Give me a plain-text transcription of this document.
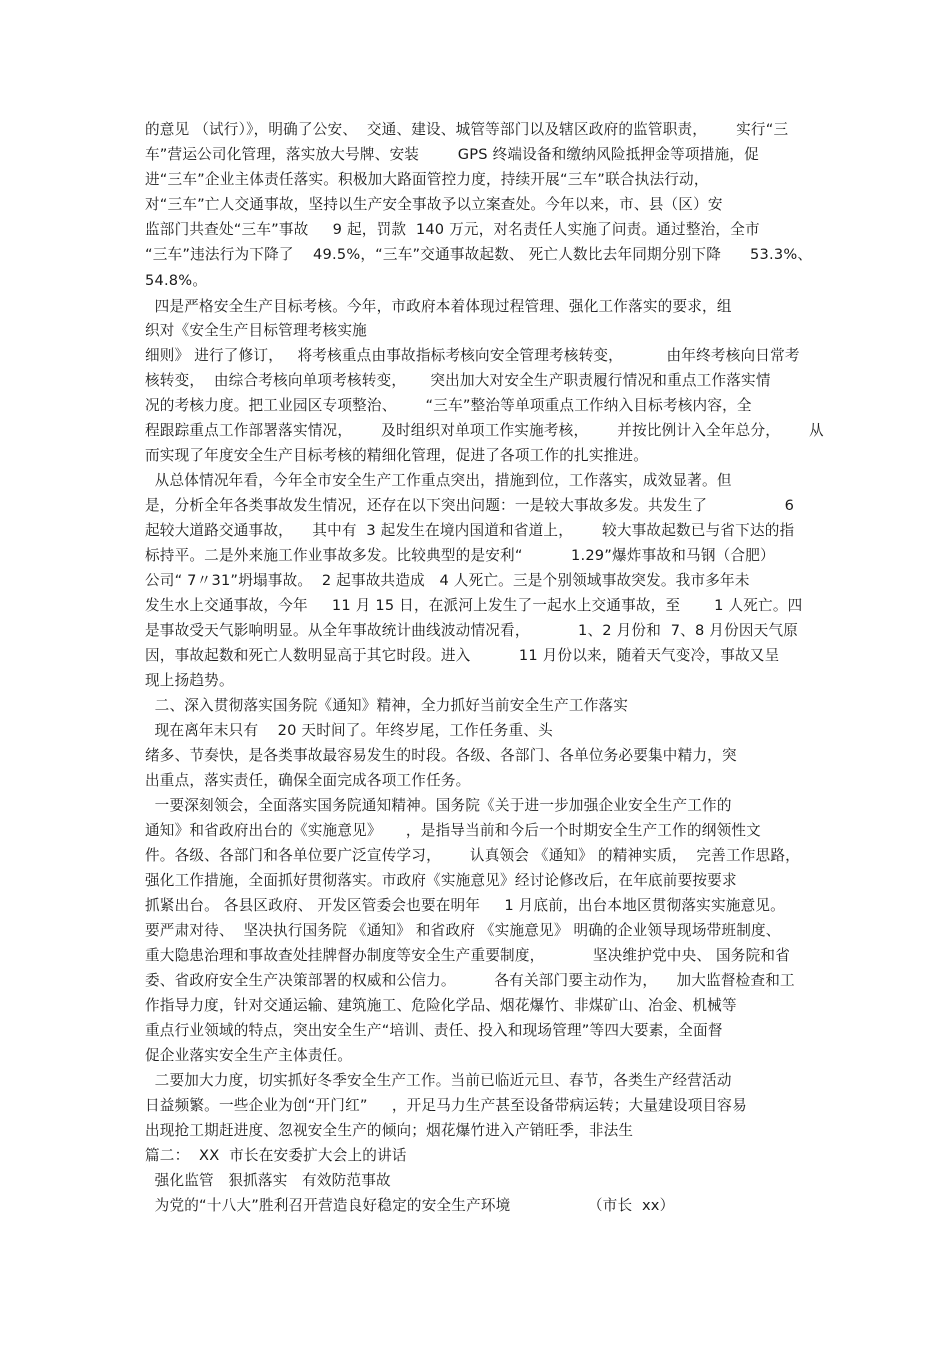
的意见 （试行）》，明确了公安、  交通、建设、城管等部门以及辖区政府的监管职责，      实行“三
车”营运公司化管理，落实放大号牌、安装        GPS 终端设备和缴纳风险抵押金等项措施，促
进“三车”企业主体责任落实。积极加大路面管控力度，持续开展“三车”联合执法行动，
对“三车”亡人交通事故，坚持以生产安全事故予以立案查处。今年以来，市、县（区）安
监部门共查处“三车”事故     9 起，罚款  140 万元，对名责任人实施了问责。通过整治，全市
“三车”违法行为下降了    49.5%，“三车”交通事故起数、 死亡人数比去年同期分别下降      53.3%、
54.8%。
四是严格安全生产目标考核。今年，市政府本着体现过程管理、强化工作落实的要求，组
织对《安全生产目标管理考核实施
细则》 进行了修订，   将考核重点由事故指标考核向安全管理考核转变，         由年终考核向日常考
核转变，  由综合考核向单项考核转变，     突出加大对安全生产职责履行情况和重点工作落实情
况的考核力度。把工业园区专项整治、      “三车”整治等单项重点工作纳入目标考核内容，全
程跟踪重点工作部署落实情况，      及时组织对单项工作实施考核，      并按比例计入全年总分，      从
而实现了年度安全生产目标考核的精细化管理，促进了各项工作的扎实推进。
从总体情况年看，今年全市安全生产工作重点突出，措施到位，工作落实，成效显著。但
是，分析全年各类事故发生情况，还存在以下突出问题：一是较大事故多发。共发生了                6
起较大道路交通事故，    其中有  3 起发生在境内国道和省道上，      较大事故起数已与省下达的指
标持平。二是外来施工作业事故多发。比较典型的是安利“          1.29”爆炸事故和马钢（合肥）
公司“ 7〃31”坍塌事故。  2 起事故共造成   4 人死亡。三是个别领域事故突发。我市多年未
发生水上交通事故，今年     11 月 15 日，在派河上发生了一起水上交通事故，至       1 人死亡。四
是事故受天气影响明显。从全年事故统计曲线波动情况看，          1、2 月份和  7、8 月份因天气原
因，事故起数和死亡人数明显高于其它时段。进入          11 月份以来，随着天气变冷，事故又呈
现上扬趋势。
二、深入贯彻落实国务院《通知》精神，全力抓好当前安全生产工作落实
现在离年末只有    20 天时间了。年终岁尾，工作任务重、头
绪多、节奏快，是各类事故最容易发生的时段。各级、各部门、各单位务必要集中精力，突
出重点，落实责任，确保全面完成各项工作任务。
一要深刻领会，全面落实国务院通知精神。国务院《关于进一步加强企业安全生产工作的
通知》和省政府出台的《实施意见》     ，是指导当前和今后一个时期安全生产工作的纲领性文
件。各级、各部门和各单位要广泛宣传学习，      认真领会 《通知》 的精神实质，  完善工作思路，
强化工作措施，全面抓好贯彻落实。市政府《实施意见》经讨论修改后，在年底前要按要求
抓紧出台。 各县区政府、 开发区管委会也要在明年     1 月底前，出台本地区贯彻落实实施意见。
要严肃对待、  坚决执行国务院 《通知》 和省政府 《实施意见》 明确的企业领导现场带班制度、
重大隐患治理和事故查处挂牌督办制度等安全生产重要制度，          坚决维护党中央、 国务院和省
委、省政府安全生产决策部署的权威和公信力。        各有关部门要主动作为，    加大监督检查和工
作指导力度，针对交通运输、建筑施工、危险化学品、烟花爆竹、非煤矿山、冶金、机械等
重点行业领域的特点，突出安全生产“培训、责任、投入和现场管理”等四大要素，全面督
促企业落实安全生产主体责任。
二要加大力度，切实抓好冬季安全生产工作。当前已临近元旦、春节，各类生产经营活动
日益频繁。一些企业为创“开门红”     ，开足马力生产甚至设备带病运转；大量建设项目容易
出现抢工期赶进度、忽视安全生产的倾向；烟花爆竹进入产销旺季，非法生
篇二：  XX  市长在安委扩大会上的讲话
强化监管   狠抓落实   有效防范事故
为党的“十八大”胜利召开营造良好稳定的安全生产环境                （市长  xx）
